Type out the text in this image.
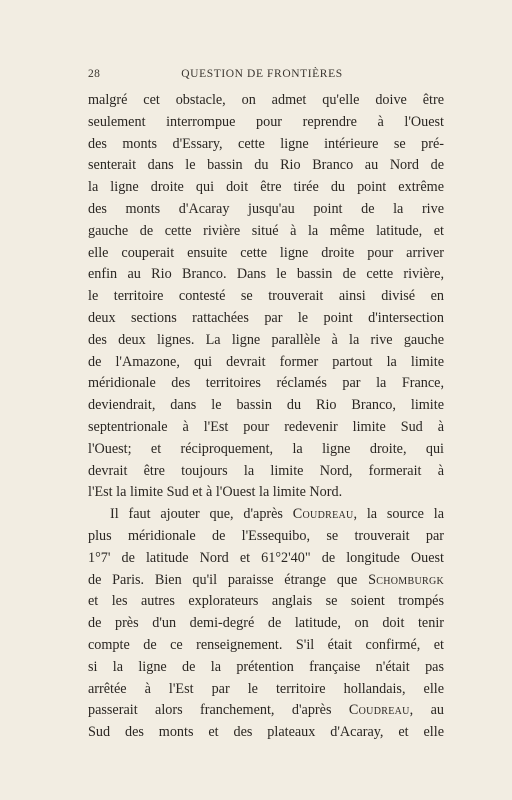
28	QUESTION DE FRONTIÈRES
malgré cet obstacle, on admet qu'elle doive être
seulement interrompue pour reprendre à l'Ouest
des monts d'Essary, cette ligne intérieure se pré-
senterait dans le bassin du Rio Branco au Nord de
la ligne droite qui doit être tirée du point extrême
des monts d'Acaray jusqu'au point de la rive
gauche de cette rivière situé à la même latitude, et
elle couperait ensuite cette ligne droite pour arriver
enfin au Rio Branco. Dans le bassin de cette rivière,
le territoire contesté se trouverait ainsi divisé en
deux sections rattachées par le point d'intersection
des deux lignes. La ligne parallèle à la rive gauche
de l'Amazone, qui devrait former partout la limite
méridionale des territoires réclamés par la France,
deviendrait, dans le bassin du Rio Branco, limite
septentrionale à l'Est pour redevenir limite Sud à
l'Ouest; et réciproquement, la ligne droite, qui
devrait être toujours la limite Nord, formerait à
l'Est la limite Sud et à l'Ouest la limite Nord.
Il faut ajouter que, d'après Coudreau, la source la
plus méridionale de l'Essequibo, se trouverait par
1°7' de latitude Nord et 61°2'40" de longitude Ouest
de Paris. Bien qu'il paraisse étrange que Schomburgk
et les autres explorateurs anglais se soient trompés
de près d'un demi-degré de latitude, on doit tenir
compte de ce renseignement. S'il était confirmé, et
si la ligne de la prétention française n'était pas
arrêtée à l'Est par le territoire hollandais, elle
passerait alors franchement, d'après Coudreau, au
Sud des monts et des plateaux d'Acaray, et elle
